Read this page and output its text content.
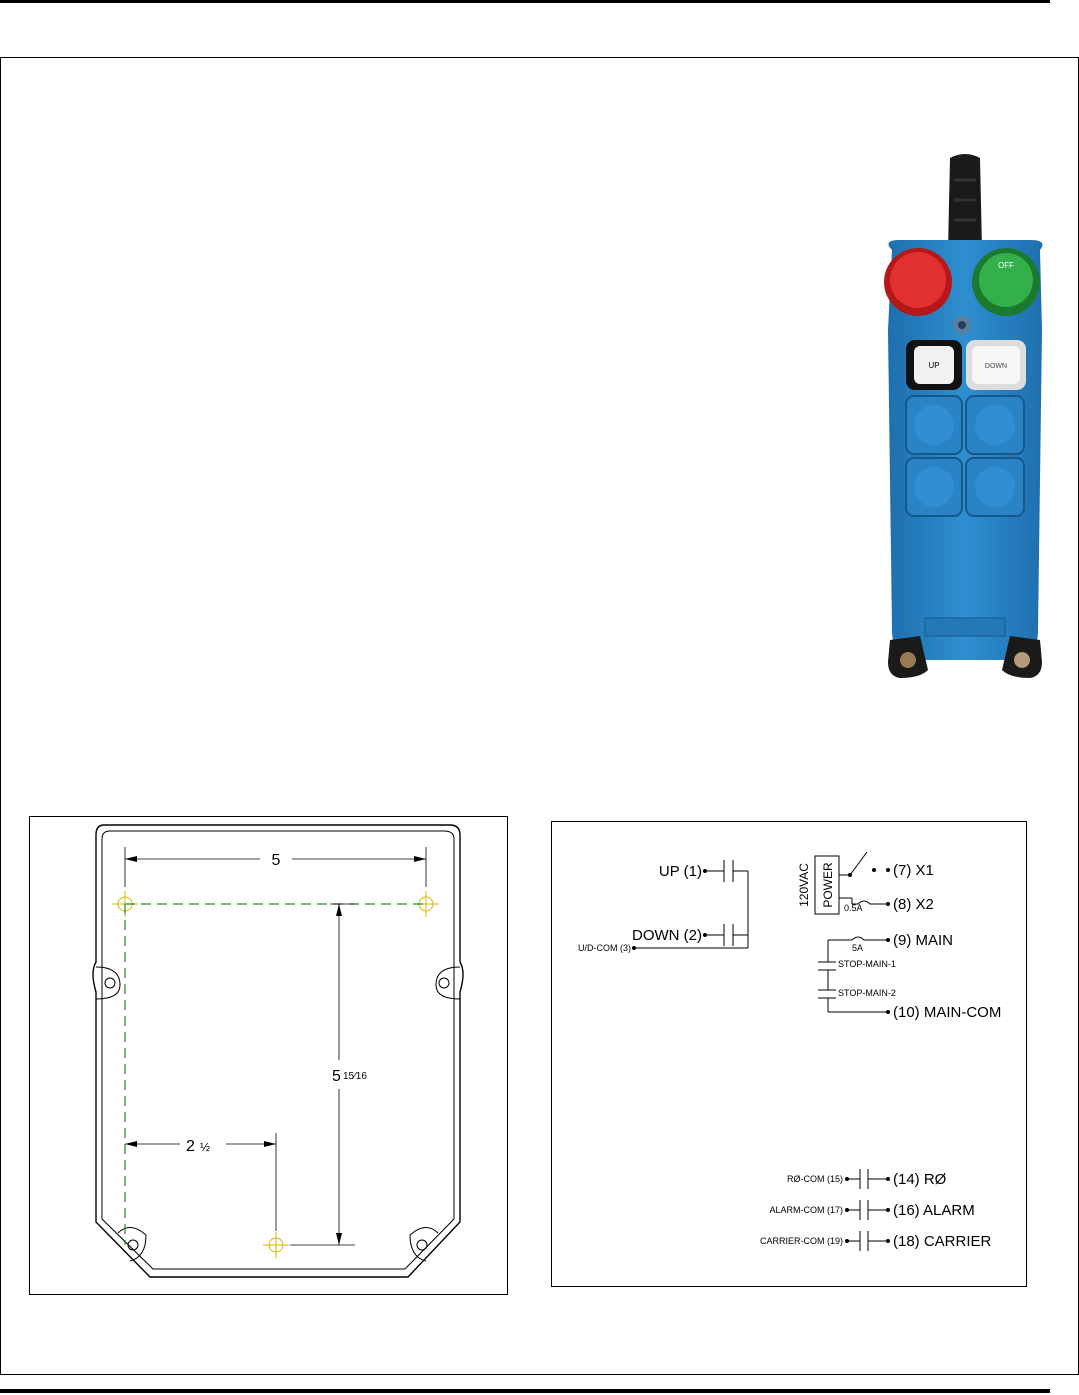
OFF
UP	DOWN
5
5 15⁄16
2 ½
UP (1)
DOWN (2)
U/D-COM (3)
120VAC POWER	(7) X1
(8) X2
0.5A
5A (9) MAIN
STOP-MAIN-1
STOP-MAIN-2
(10) MAIN-COM
RØ-COM (15)	(14) RØ
ALARM-COM (17)	(16) ALARM
CARRIER-COM (19)	(18) CARRIER
